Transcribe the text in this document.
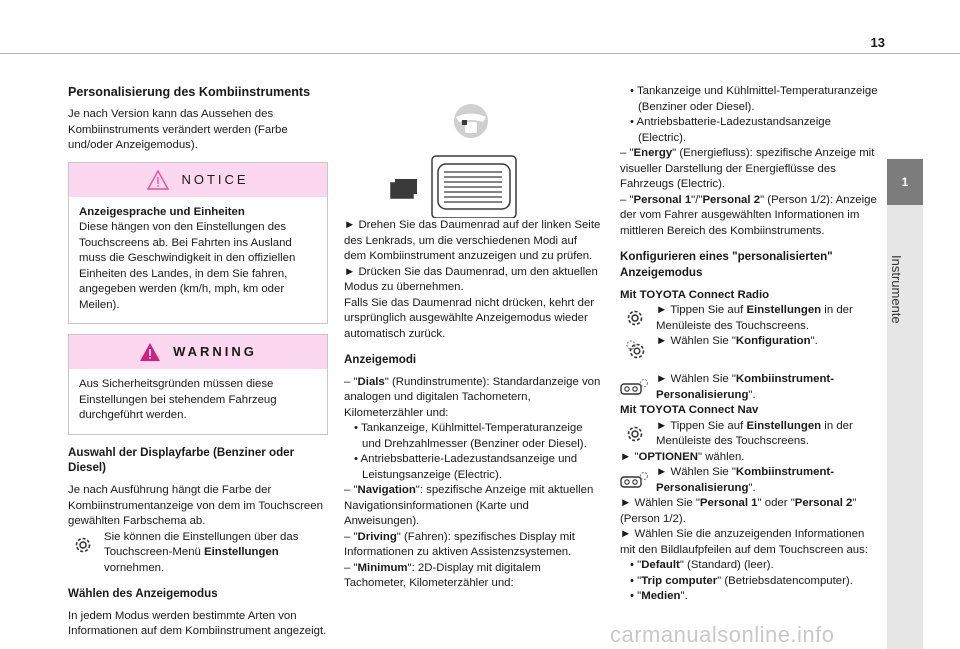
13
1
Instrumente
Personalisierung des Kombiinstruments

Je nach Version kann das Aussehen des Kombiinstruments verändert werden (Farbe und/oder Anzeigemodus).

NOTICE

Anzeigesprache und Einheiten

Diese hängen von den Einstellungen des Touchscreens ab. Bei Fahrten ins Ausland muss die Geschwindigkeit in den offiziellen Einheiten des Landes, in dem Sie fahren, angegeben werden (km/h, mph, km oder Meilen).

WARNING

Aus Sicherheitsgründen müssen diese Einstellungen bei stehendem Fahrzeug durchgeführt werden.

Auswahl der Displayfarbe (Benziner oder Diesel)

Je nach Ausführung hängt die Farbe der Kombiinstrumentanzeige von dem im Touchscreen gewählten Farbschema ab.

Sie können die Einstellungen über das Touchscreen-Menü Einstellungen vornehmen.
Wählen des Anzeigemodus

In jedem Modus werden bestimmte Arten von Informationen auf dem Kombiinstrument angezeigt.

► Drehen Sie das Daumenrad auf der linken Seite des Lenkrads, um die verschiedenen Modi auf dem Kombiinstrument anzuzeigen und zu prüfen.

► Drücken Sie das Daumenrad, um den aktuellen Modus zu übernehmen.

Falls Sie das Daumenrad nicht drücken, kehrt der ursprünglich ausgewählte Anzeigemodus wieder automatisch zurück.

Anzeigemodi

– "Dials" (Rundinstrumente): Standardanzeige von analogen und digitalen Tachometern, Kilometerzähler und:

• Tankanzeige, Kühlmittel-Temperaturanzeige und Drehzahlmesser (Benziner oder Diesel).

• Antriebsbatterie-Ladezustandsanzeige und Leistungsanzeige (Electric).

– "Navigation": spezifische Anzeige mit aktuellen Navigationsinformationen (Karte und Anweisungen).

– "Driving" (Fahren): spezifisches Display mit Informationen zu aktiven Assistenzsystemen.

– "Minimum": 2D-Display mit digitalem Tachometer, Kilometerzähler und:

• Tankanzeige und Kühlmittel-Temperaturanzeige (Benziner oder Diesel).

• Antriebsbatterie-Ladezustandsanzeige (Electric).

– "Energy" (Energiefluss): spezifische Anzeige mit visueller Darstellung der Energieflüsse des Fahrzeugs (Electric).

– "Personal 1"/"Personal 2" (Person 1/2): Anzeige der vom Fahrer ausgewählten Informationen im mittleren Bereich des Kombiinstruments.

Konfigurieren eines "personalisierten" Anzeigemodus

Mit TOYOTA Connect Radio

► Tippen Sie auf Einstellungen in der Menüleiste des Touchscreens.
► Wählen Sie "Konfiguration".
► Wählen Sie "Kombiinstrument-Personalisierung".

Mit TOYOTA Connect Nav

► Tippen Sie auf Einstellungen in der Menüleiste des Touchscreens.

► "OPTIONEN" wählen.

► Wählen Sie "Kombiinstrument-Personalisierung".

► Wählen Sie "Personal 1" oder "Personal 2" (Person 1/2).

► Wählen Sie die anzuzeigenden Informationen mit den Bildlaufpfeilen auf dem Touchscreen aus:

• "Default" (Standard) (leer).

• "Trip computer" (Betriebsdatencomputer).

• "Medien".

carmanualsonline.info
